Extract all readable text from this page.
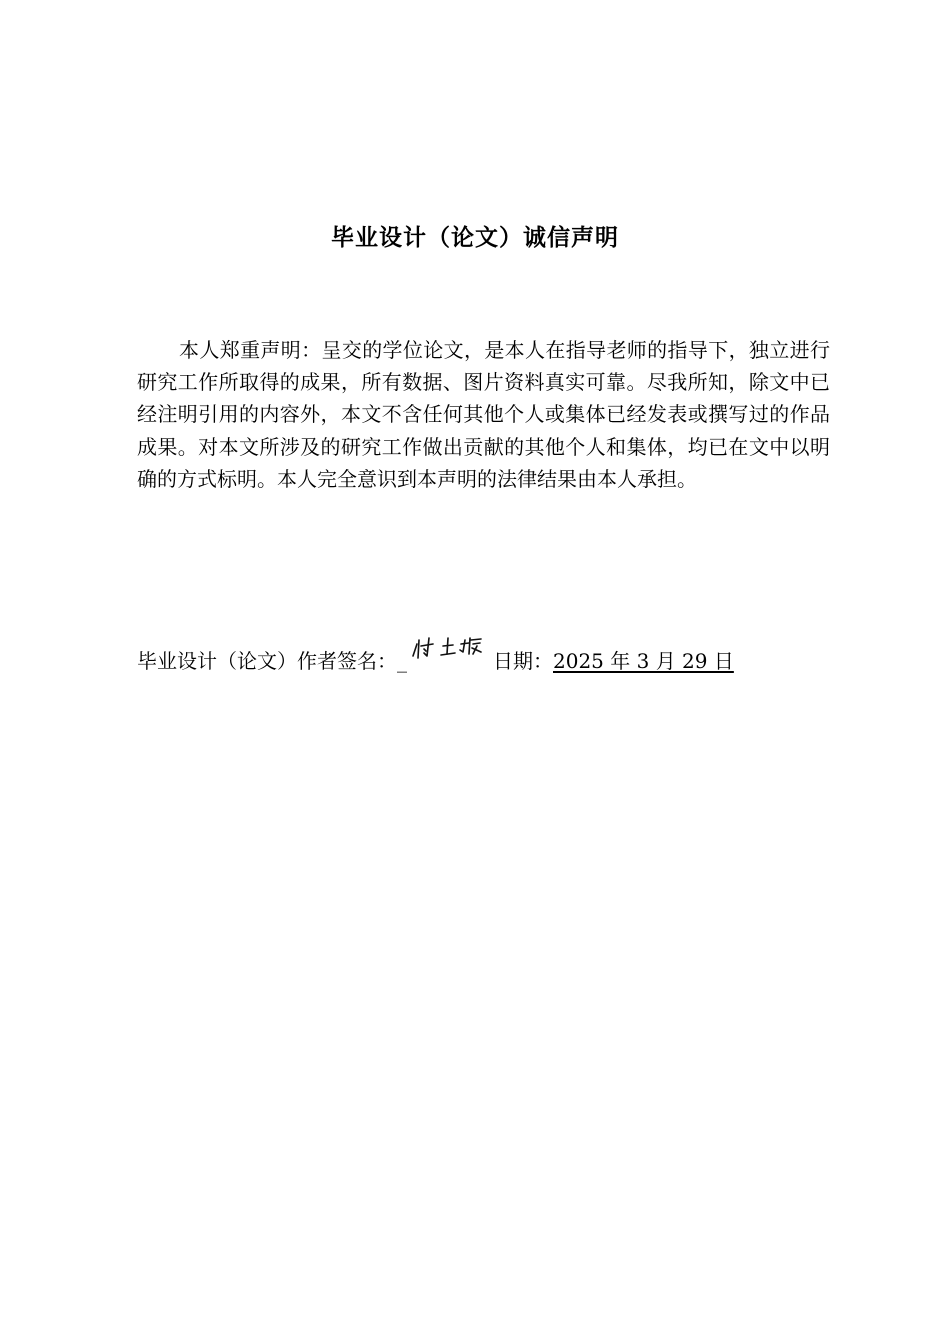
毕业设计（论文）诚信声明
本人郑重声明：呈交的学位论文，是本人在指导老师的指导下，独立进行研究工作所取得的成果，所有数据、图片资料真实可靠。尽我所知，除文中已经注明引用的内容外，本文不含任何其他个人或集体已经发表或撰写过的作品成果。对本文所涉及的研究工作做出贡献的其他个人和集体，均已在文中以明确的方式标明。本人完全意识到本声明的法律结果由本人承担。
毕业设计（论文）作者签名：_	日期：2025 年 3 月 29 日
